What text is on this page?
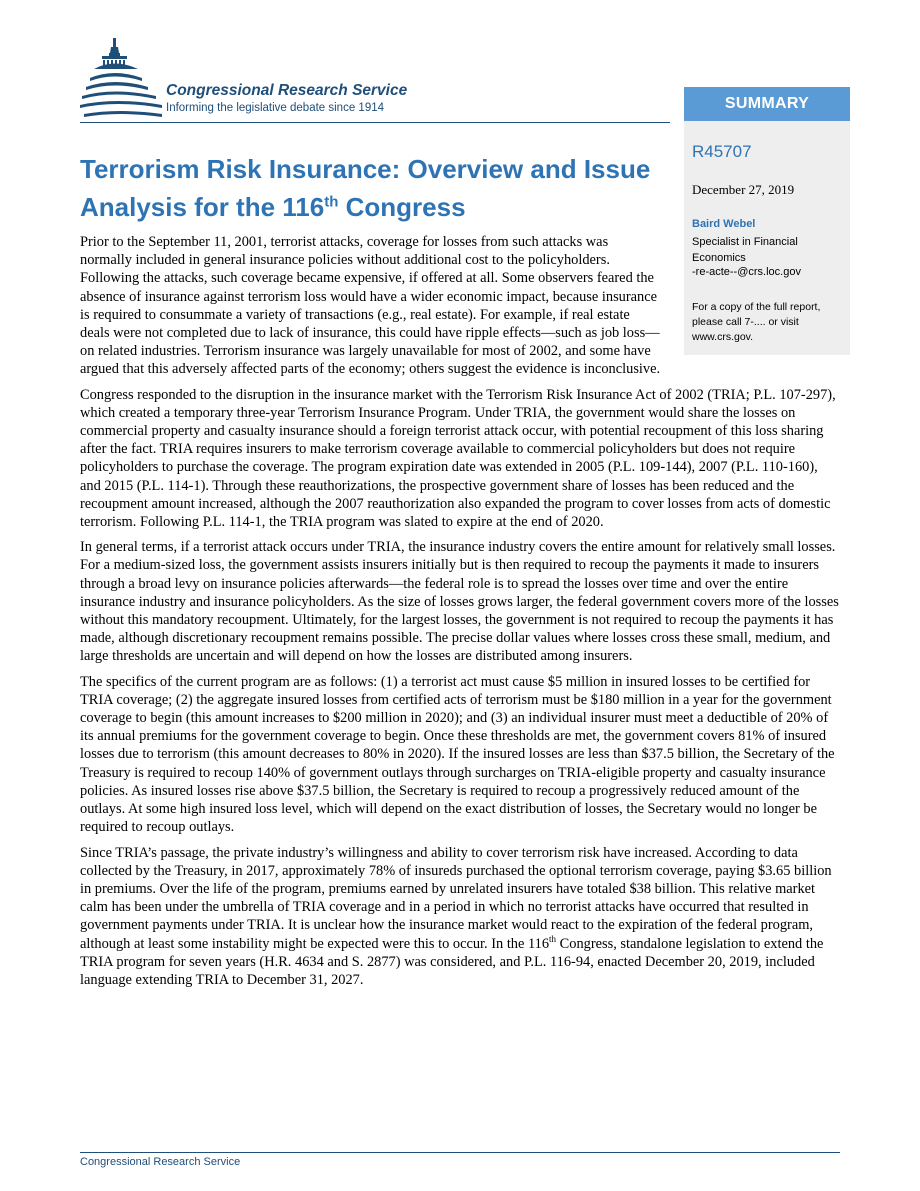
Congressional Research Service
Informing the legislative debate since 1914	SUMMARY
R45707
December 27, 2019
Baird Webel
Specialist in Financial Economics
-re-acte--@crs.loc.gov
For a copy of the full report, please call 7-.... or visit www.crs.gov.
Terrorism Risk Insurance: Overview and Issue Analysis for the 116th Congress

Prior to the September 11, 2001, terrorist attacks, coverage for losses from such attacks was normally included in general insurance policies without additional cost to the policyholders. Following the attacks, such coverage became expensive, if offered at all. Some observers feared the absence of insurance against terrorism loss would have a wider economic impact, because insurance is required to consummate a variety of transactions (e.g., real estate). For example, if real estate deals were not completed due to lack of insurance, this could have ripple effects—such as job loss—on related industries. Terrorism insurance was largely unavailable for most of 2002, and some have argued that this adversely affected parts of the economy; others suggest the evidence is inconclusive.

Congress responded to the disruption in the insurance market with the Terrorism Risk Insurance Act of 2002 (TRIA; P.L. 107-297), which created a temporary three-year Terrorism Insurance Program. Under TRIA, the government would share the losses on commercial property and casualty insurance should a foreign terrorist attack occur, with potential recoupment of this loss sharing after the fact. TRIA requires insurers to make terrorism coverage available to commercial policyholders but does not require policyholders to purchase the coverage. The program expiration date was extended in 2005 (P.L. 109-144), 2007 (P.L. 110-160), and 2015 (P.L. 114-1). Through these reauthorizations, the prospective government share of losses has been reduced and the recoupment amount increased, although the 2007 reauthorization also expanded the program to cover losses from acts of domestic terrorism. Following P.L. 114-1, the TRIA program was slated to expire at the end of 2020.

In general terms, if a terrorist attack occurs under TRIA, the insurance industry covers the entire amount for relatively small losses. For a medium-sized loss, the government assists insurers initially but is then required to recoup the payments it made to insurers through a broad levy on insurance policies afterwards—the federal role is to spread the losses over time and over the entire insurance industry and insurance policyholders. As the size of losses grows larger, the federal government covers more of the losses without this mandatory recoupment. Ultimately, for the largest losses, the government is not required to recoup the payments it has made, although discretionary recoupment remains possible. The precise dollar values where losses cross these small, medium, and large thresholds are uncertain and will depend on how the losses are distributed among insurers.

The specifics of the current program are as follows: (1) a terrorist act must cause $5 million in insured losses to be certified for TRIA coverage; (2) the aggregate insured losses from certified acts of terrorism must be $180 million in a year for the government coverage to begin (this amount increases to $200 million in 2020); and (3) an individual insurer must meet a deductible of 20% of its annual premiums for the government coverage to begin. Once these thresholds are met, the government covers 81% of insured losses due to terrorism (this amount decreases to 80% in 2020). If the insured losses are less than $37.5 billion, the Secretary of the Treasury is required to recoup 140% of government outlays through surcharges on TRIA-eligible property and casualty insurance policies. As insured losses rise above $37.5 billion, the Secretary is required to recoup a progressively reduced amount of the outlays. At some high insured loss level, which will depend on the exact distribution of losses, the Secretary would no longer be required to recoup outlays.

Since TRIA’s passage, the private industry’s willingness and ability to cover terrorism risk have increased. According to data collected by the Treasury, in 2017, approximately 78% of insureds purchased the optional terrorism coverage, paying $3.65 billion in premiums. Over the life of the program, premiums earned by unrelated insurers have totaled $38 billion. This relative market calm has been under the umbrella of TRIA coverage and in a period in which no terrorist attacks have occurred that resulted in government payments under TRIA. It is unclear how the insurance market would react to the expiration of the federal program, although at least some instability might be expected were this to occur. In the 116th Congress, standalone legislation to extend the TRIA program for seven years (H.R. 4634 and S. 2877) was considered, and P.L. 116-94, enacted December 20, 2019, included language extending TRIA to December 31, 2027.

Congressional Research Service
